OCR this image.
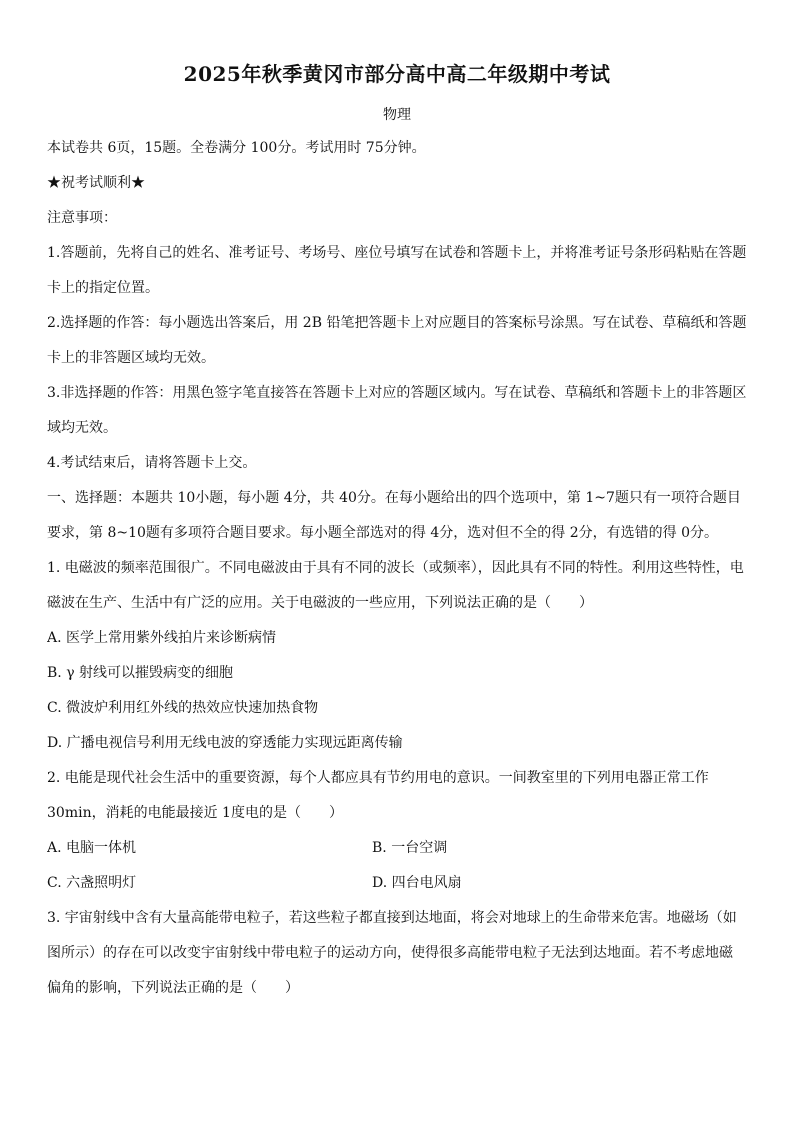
2025年秋季黄冈市部分高中高二年级期中考试
物理
本试卷共 6页，15题。全卷满分 100分。考试用时 75分钟。
★祝考试顺利★
注意事项：
1.答题前，先将自己的姓名、准考证号、考场号、座位号填写在试卷和答题卡上，并将准考证号条形码粘贴在答题
卡上的指定位置。
2.选择题的作答：每小题选出答案后，用 2B 铅笔把答题卡上对应题目的答案标号涂黑。写在试卷、草稿纸和答题
卡上的非答题区域均无效。
3.非选择题的作答：用黑色签字笔直接答在答题卡上对应的答题区域内。写在试卷、草稿纸和答题卡上的非答题区
域均无效。
4.考试结束后，请将答题卡上交。
一、选择题：本题共 10小题，每小题 4分，共 40分。在每小题给出的四个选项中，第 1~7题只有一项符合题目
要求，第 8~10题有多项符合题目要求。每小题全部选对的得 4分，选对但不全的得 2分，有选错的得 0分。
1. 电磁波的频率范围很广。不同电磁波由于具有不同的波长（或频率），因此具有不同的特性。利用这些特性，电
磁波在生产、生活中有广泛的应用。关于电磁波的一些应用，下列说法正确的是（　　）
A. 医学上常用紫外线拍片来诊断病情
B. γ 射线可以摧毁病变的细胞
C. 微波炉利用红外线的热效应快速加热食物
D. 广播电视信号利用无线电波的穿透能力实现远距离传输
2. 电能是现代社会生活中的重要资源，每个人都应具有节约用电的意识。一间教室里的下列用电器正常工作
30min，消耗的电能最接近 1度电的是（　　）
A. 电脑一体机	B. 一台空调
C. 六盏照明灯	D. 四台电风扇
3. 宇宙射线中含有大量高能带电粒子，若这些粒子都直接到达地面，将会对地球上的生命带来危害。地磁场（如
图所示）的存在可以改变宇宙射线中带电粒子的运动方向，使得很多高能带电粒子无法到达地面。若不考虑地磁
偏角的影响，下列说法正确的是（　　）
